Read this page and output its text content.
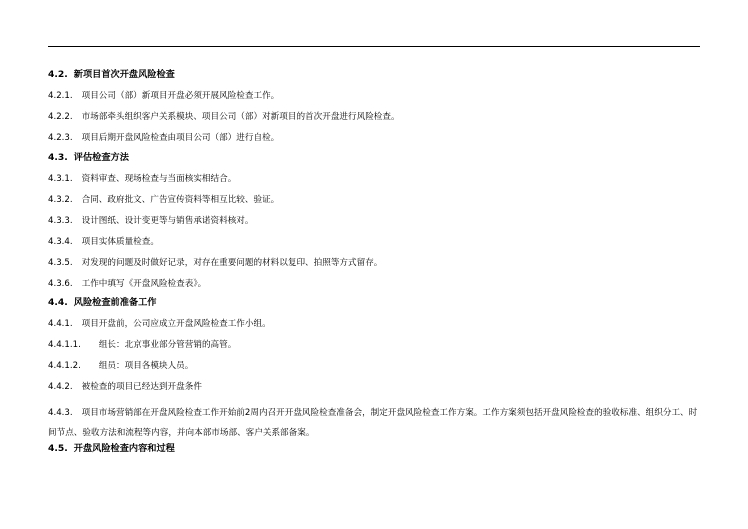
4.2. 新项目首次开盘风险检查
4.2.1. 项目公司（部）新项目开盘必须开展风险检查工作。
4.2.2. 市场部牵头组织客户关系模块、项目公司（部）对新项目的首次开盘进行风险检查。
4.2.3. 项目后期开盘风险检查由项目公司（部）进行自检。
4.3. 评估检查方法
4.3.1. 资料审查、现场检查与当面核实相结合。
4.3.2. 合同、政府批文、广告宣传资料等相互比较、验证。
4.3.3. 设计图纸、设计变更等与销售承诺资料核对。
4.3.4. 项目实体质量检查。
4.3.5. 对发现的问题及时做好记录，对存在重要问题的材料以复印、拍照等方式留存。
4.3.6. 工作中填写《开盘风险检查表》。
4.4. 风险检查前准备工作
4.4.1. 项目开盘前，公司应成立开盘风险检查工作小组。
4.4.1.1. 组长：北京事业部分管营销的高管。
4.4.1.2. 组员：项目各模块人员。
4.4.2. 被检查的项目已经达到开盘条件
4.4.3. 项目市场营销部在开盘风险检查工作开始前2周内召开开盘风险检查准备会，制定开盘风险检查工作方案。工作方案须包括开盘风险检查的验收标准、组织分工、时间节点、验收方法和流程等内容，并向本部市场部、客户关系部备案。
4.5. 开盘风险检查内容和过程
